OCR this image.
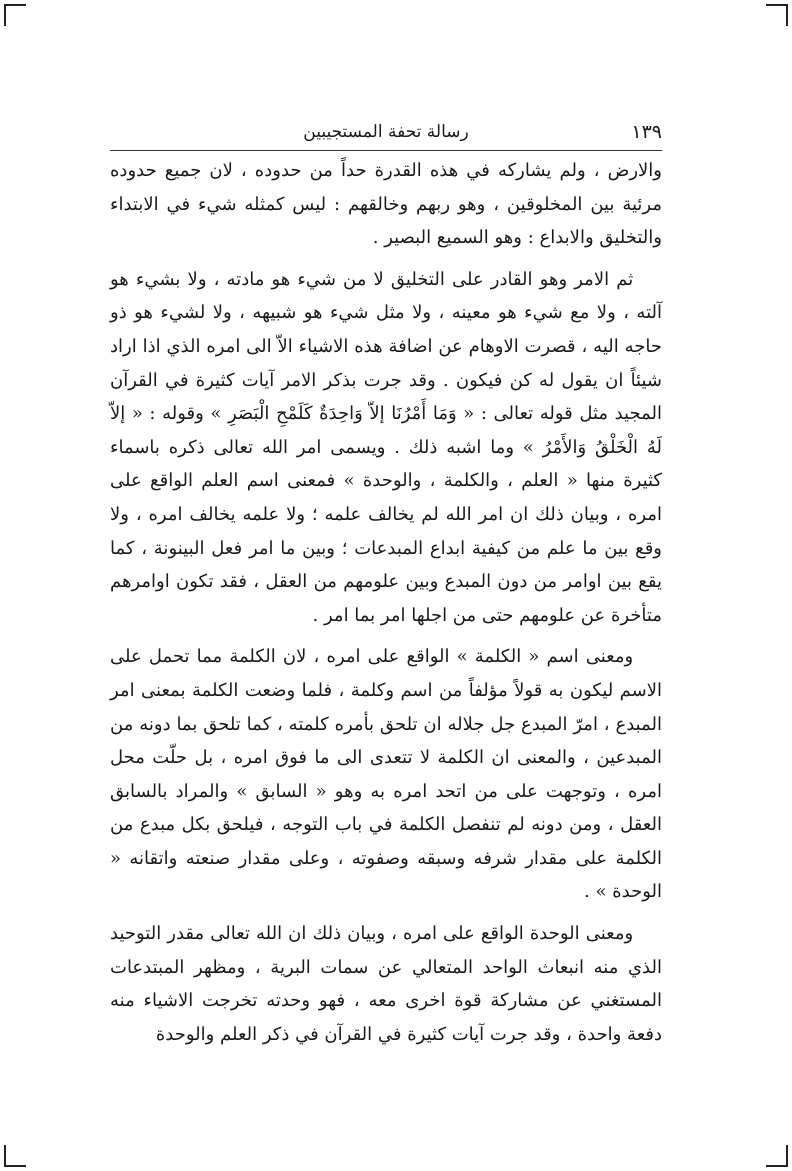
١٣٩
رسالة تحفة المستجيبين

والارض ، ولم يشاركه في هذه القدرة حداً من حدوده ، لان جميع حدوده مرئية بين المخلوقين ، وهو ربهم وخالقهم : ليس كمثله شيء في الابتداء والتخليق والابداع : وهو السميع البصير .

ثم الامر وهو القادر على التخليق لا من شيء هو مادته ، ولا بشيء هو آلته ، ولا مع شيء هو معينه ، ولا مثل شيء هو شبيهه ، ولا لشيء هو ذو حاجه اليه ، قصرت الاوهام عن اضافة هذه الاشياء الاّ الى امره الذي اذا اراد شيئاً ان يقول له كن فيكون . وقد جرت بذكر الامر آيات كثيرة في القرآن المجيد مثل قوله تعالى : « وَمَا أَمْرُنَا إلاّ وَاحِدَةٌ كَلَمْحِ الْبَصَرِ » وقوله : « إلاّ لَهُ الْخَلْقُ وَالأَمْرُ » وما اشبه ذلك . ويسمى امر الله تعالى ذكره باسماء كثيرة منها « العلم ، والكلمة ، والوحدة » فمعنى اسم العلم الواقع على امره ، وبيان ذلك ان امر الله لم يخالف علمه ؛ ولا علمه يخالف امره ، ولا وقع بين ما علم من كيفية ابداع المبدعات ؛ وبين ما امر فعل البينونة ، كما يقع بين اوامر من دون المبدع وبين علومهم من العقل ، فقد تكون اوامرهم متأخرة عن علومهم حتى من اجلها امر بما امر .

ومعنى اسم « الكلمة » الواقع على امره ، لان الكلمة مما تحمل على الاسم ليكون به قولاً مؤلفاً من اسم وكلمة ، فلما وضعت الكلمة بمعنى امر المبدع ، امرّ المبدع جل جلاله ان تلحق بأمره كلمته ، كما تلحق بما دونه من المبدعين ، والمعنى ان الكلمة لا تتعدى الى ما فوق امره ، بل حلّت محل امره ، وتوجهت على من اتحد امره به وهو « السابق » والمراد بالسابق العقل ، ومن دونه لم تنفصل الكلمة في باب التوجه ، فيلحق بكل مبدع من الكلمة على مقدار شرفه وسبقه وصفوته ، وعلى مقدار صنعته واتقانه « الوحدة » .

ومعنى الوحدة الواقع على امره ، وبيان ذلك ان الله تعالى مقدر التوحيد الذي منه انبعاث الواحد المتعالي عن سمات البرية ، ومظهر المبتدعات المستغني عن مشاركة قوة اخرى معه ، فهو وحدته تخرجت الاشياء منه دفعة واحدة ، وقد جرت آيات كثيرة في القرآن في ذكر العلم والوحدة
